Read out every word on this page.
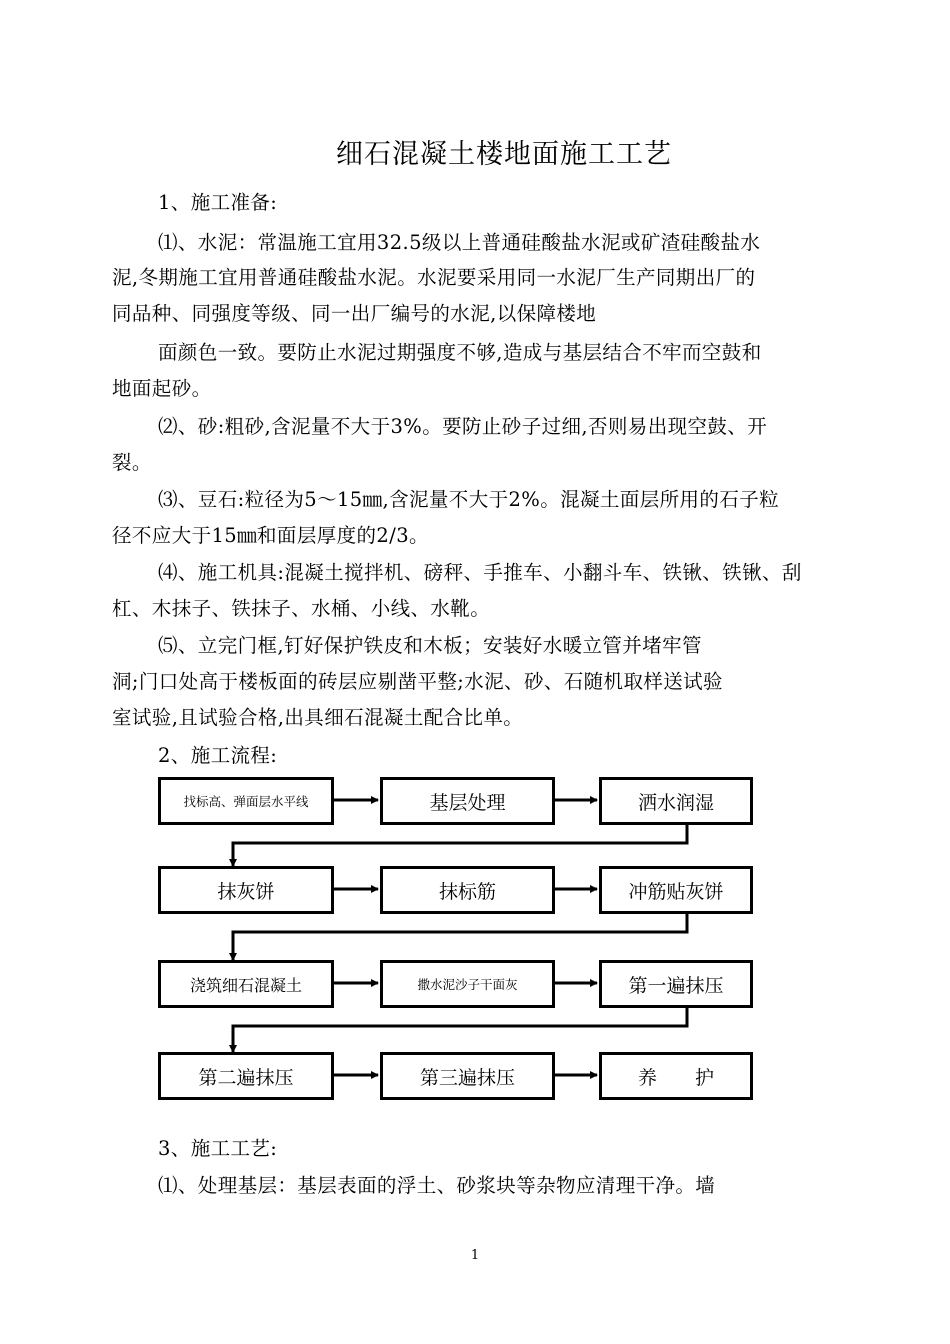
细石混凝土楼地面施工工艺
1、施工准备:
⑴、水泥：常温施工宜用32.5级以上普通硅酸盐水泥或矿渣硅酸盐水
泥,冬期施工宜用普通硅酸盐水泥。水泥要采用同一水泥厂生产同期出厂的
同品种、同强度等级、同一出厂编号的水泥,以保障楼地
面颜色一致。要防止水泥过期强度不够,造成与基层结合不牢而空鼓和
地面起砂。
⑵、砂:粗砂,含泥量不大于3%。要防止砂子过细,否则易出现空鼓、开
裂。
⑶、豆石:粒径为5～15㎜,含泥量不大于2%。混凝土面层所用的石子粒
径不应大于15㎜和面层厚度的2/3。
⑷、施工机具:混凝土搅拌机、磅秤、手推车、小翻斗车、铁锹、铁锹、刮
杠、木抹子、铁抹子、水桶、小线、水靴。
⑸、立完门框,钉好保护铁皮和木板；安装好水暖立管并堵牢管
洞;门口处高于楼板面的砖层应剔凿平整;水泥、砂、石随机取样送试验
室试验,且试验合格,出具细石混凝土配合比单。
2、施工流程:
找标高、弹面层水平线	基层处理	洒水润湿
抹灰饼	抹标筋	冲筋贴灰饼
浇筑细石混凝土	撒水泥沙子干面灰	第一遍抹压
第二遍抹压	第三遍抹压	养　　护
3、施工工艺:
⑴、处理基层：基层表面的浮土、砂浆块等杂物应清理干净。墙
1
